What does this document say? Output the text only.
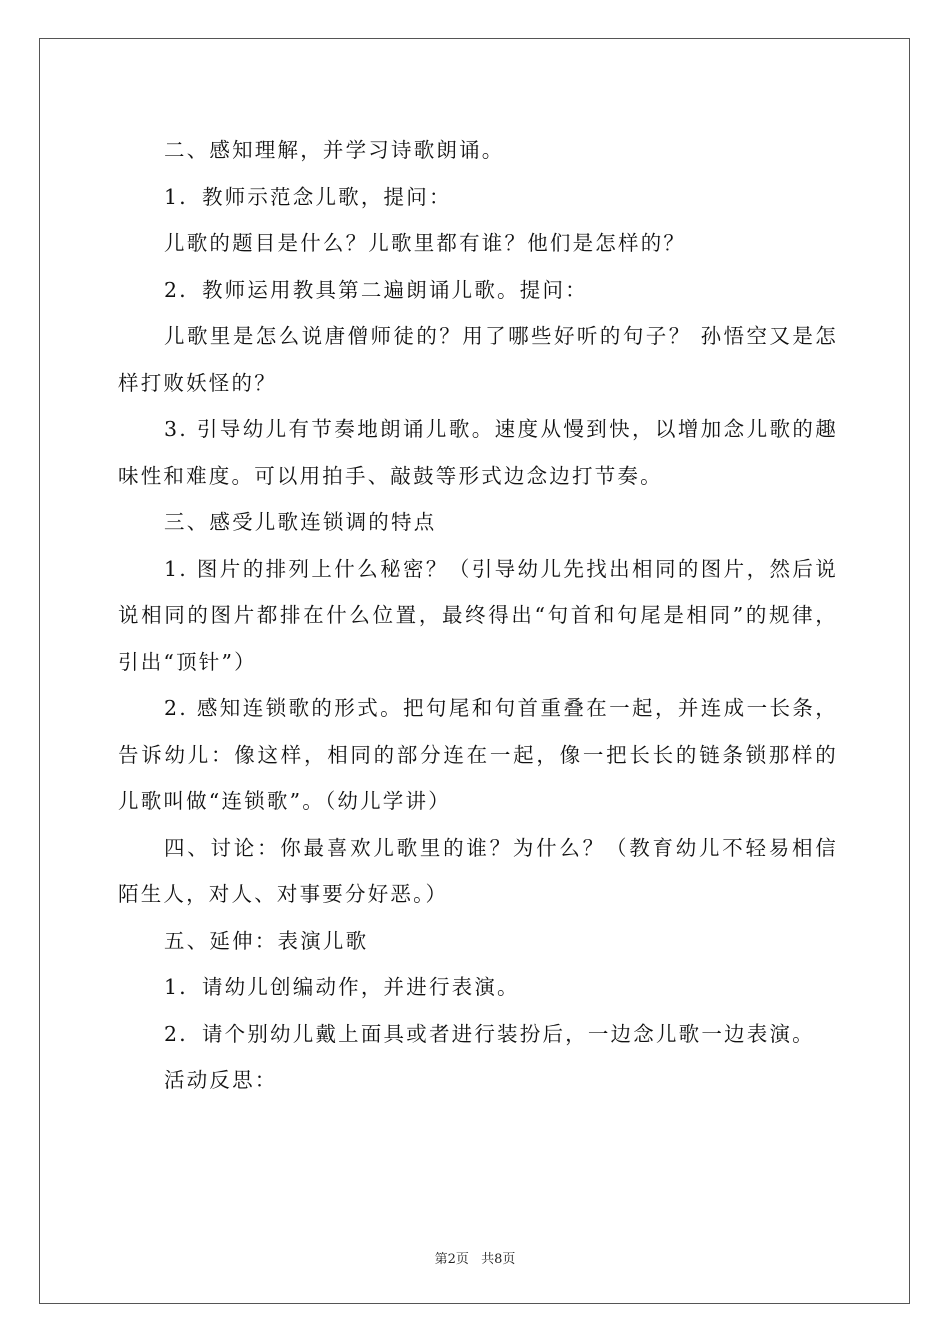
二、感知理解，并学习诗歌朗诵。

1．教师示范念儿歌，提问：

儿歌的题目是什么？儿歌里都有谁？他们是怎样的？

2．教师运用教具第二遍朗诵儿歌。提问：

儿歌里是怎么说唐僧师徒的？用了哪些好听的句子？ 孙悟空又是怎样打败妖怪的？

3. 引导幼儿有节奏地朗诵儿歌。速度从慢到快，以增加念儿歌的趣味性和难度。可以用拍手、敲鼓等形式边念边打节奏。

三、感受儿歌连锁调的特点

1. 图片的排列上什么秘密？（引导幼儿先找出相同的图片，然后说说相同的图片都排在什么位置，最终得出“句首和句尾是相同”的规律，引出“顶针”）

2. 感知连锁歌的形式。把句尾和句首重叠在一起，并连成一长条，告诉幼儿：像这样，相同的部分连在一起，像一把长长的链条锁那样的儿歌叫做“连锁歌”。（幼儿学讲）

四、讨论：你最喜欢儿歌里的谁？为什么？（教育幼儿不轻易相信陌生人，对人、对事要分好恶。）

五、延伸：表演儿歌

1．请幼儿创编动作，并进行表演。

2．请个别幼儿戴上面具或者进行装扮后，一边念儿歌一边表演。

活动反思：

第2页 共8页
